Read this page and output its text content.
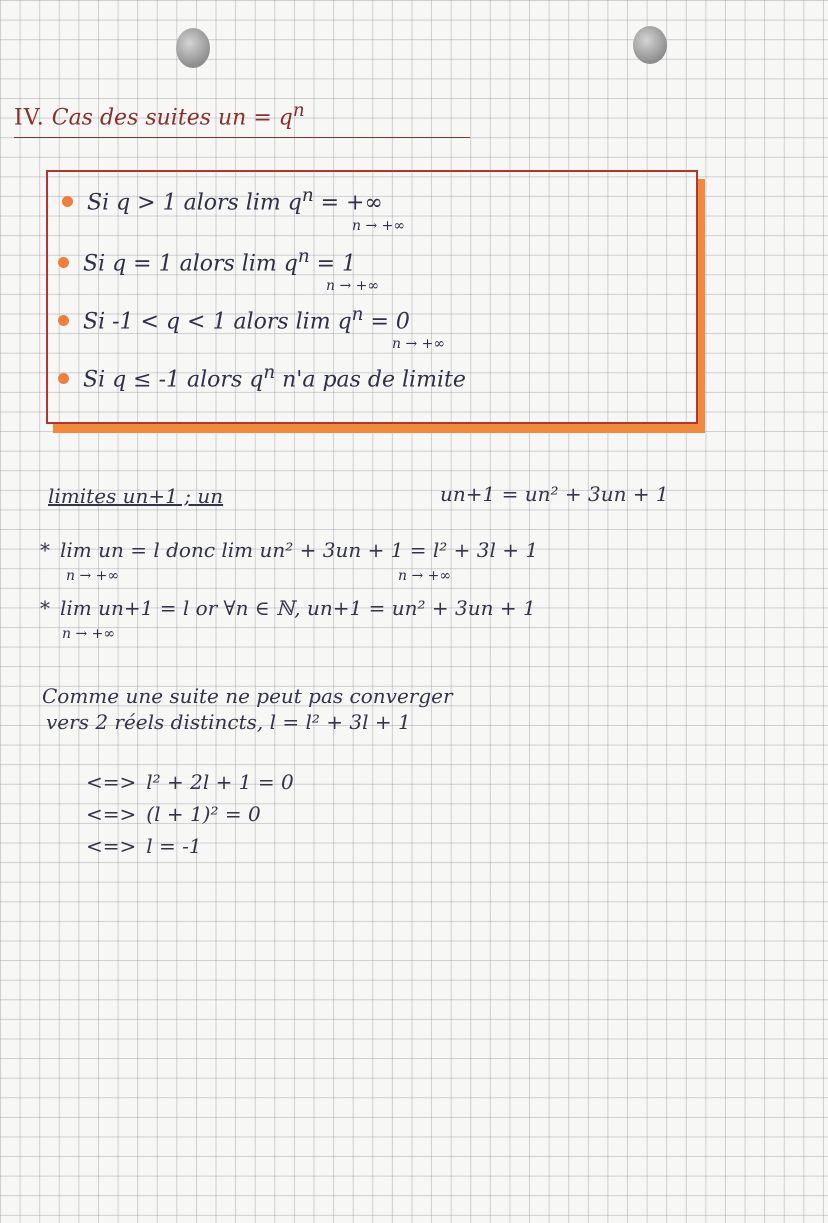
IV. Cas des suites un = $q^n$
Si q > 1 alors $\lim q^n$ = +∞
n → +∞
Si q = 1 alors $\lim q^n = 1$
n → +∞
Si -1 < q < 1 alors $\lim q^n = 0$
n → +∞
Si q ≤ -1 alors $q^n$ n'a pas de limite
limites un+1 ; un	un+1 = un² + 3un + 1
* lim un = l donc lim un² + 3un + 1 = l² + 3l + 1
n → +∞	n → +∞
* lim un+1 = l or ∀n ∈ ℕ, un+1 = un² + 3un + 1
n → +∞
Comme une suite ne peut pas converger
vers 2 réels distincts, l = l² + 3l + 1
<=> l² + 2l + 1 = 0
<=> (l + 1)² = 0
<=> l = -1
